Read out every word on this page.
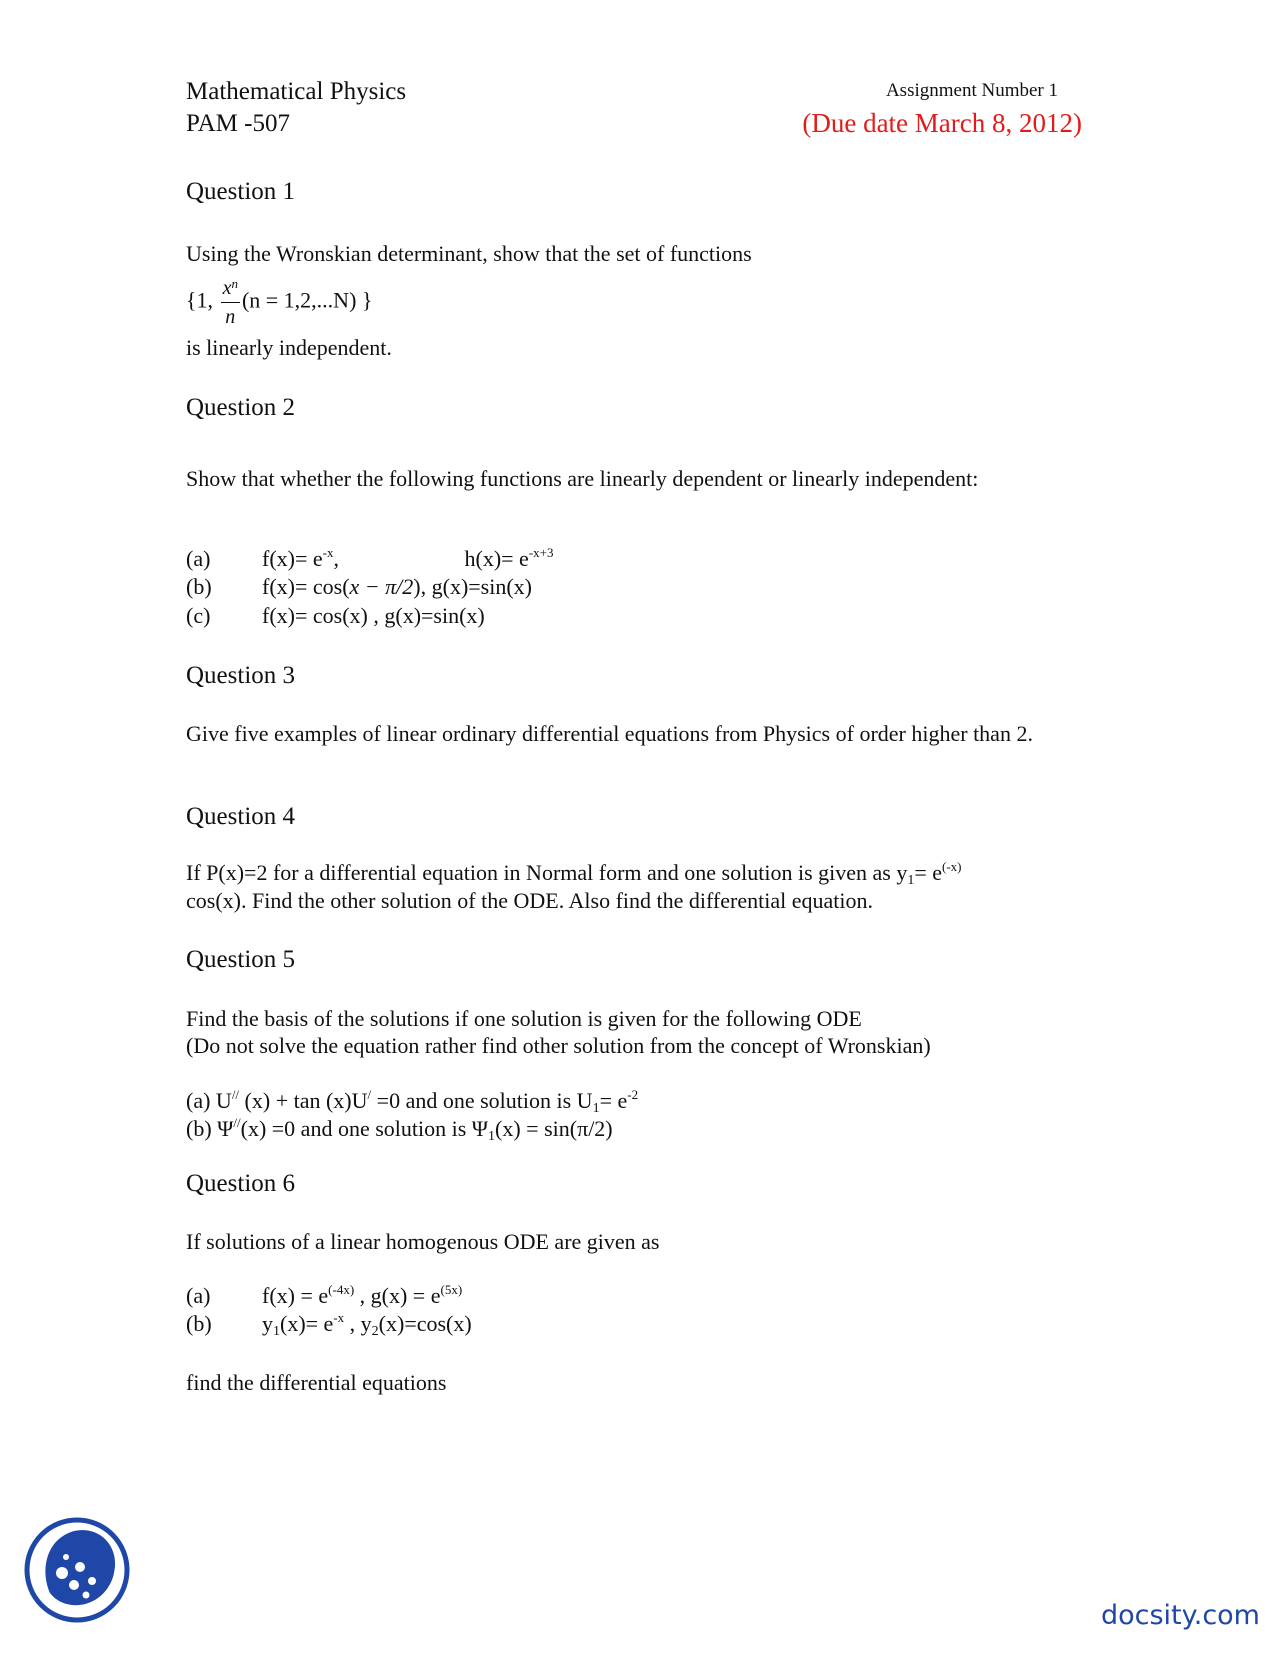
Mathematical Physics
PAM -507
Assignment Number 1
(Due date March 8, 2012)
Question 1
Using the Wronskian determinant, show that the set of functions
{1, $\frac{x^n}{n} (n = 1,2,...N)$ }
is linearly independent.
Question 2
Show that whether the following functions are linearly dependent or linearly independent:
(a) $f(x)= e^{-x}$,	$h(x)= e^{-x+3}$
(b) f(x)= cos(x − π/2), g(x)=sin(x)
(c) f(x)= cos(x) , g(x)=sin(x)
Question 3
Give five examples of linear ordinary differential equations from Physics of order higher than 2.
Question 4
If P(x)=2 for a differential equation in Normal form and one solution is given as $y_1= e^{(-x)}$
cos(x). Find the other solution of the ODE. Also find the differential equation.
Question 5
Find the basis of the solutions if one solution is given for the following ODE
(Do not solve the equation rather find other solution from the concept of Wronskian)
(a) U// (x) + tan (x)U/ =0 and one solution is $U_1= e^{-2}$
(b) Ψ//(x) =0 and one solution is $\Psi_1(x) = \sin(\pi/2)$
Question 6
If solutions of a linear homogenous ODE are given as
(a) $f(x) = e^{(-4x)}$ , $g(x) = e^{(5x)}$
(b) $y_1(x)= e^{-x}$ , $y_2(x)=\cos(x)$
find the differential equations
docsity.com
